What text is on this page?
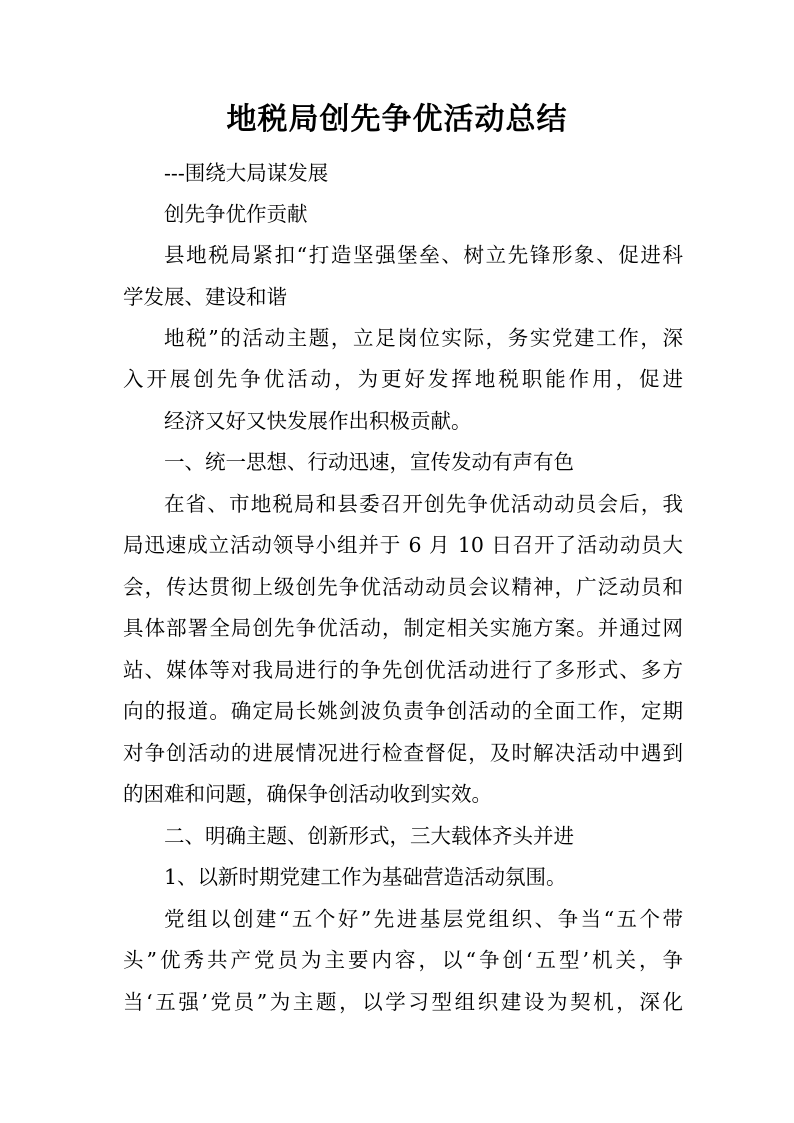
地税局创先争优活动总结
---围绕大局谋发展
创先争优作贡献
县地税局紧扣“打造坚强堡垒、树立先锋形象、促进科
学发展、建设和谐
地税”的活动主题，立足岗位实际，务实党建工作，深
入开展创先争优活动，为更好发挥地税职能作用，促进
经济又好又快发展作出积极贡献。
一、统一思想、行动迅速，宣传发动有声有色
在省、市地税局和县委召开创先争优活动动员会后，我
局迅速成立活动领导小组并于 6 月 10 日召开了活动动员大
会，传达贯彻上级创先争优活动动员会议精神，广泛动员和
具体部署全局创先争优活动，制定相关实施方案。并通过网
站、媒体等对我局进行的争先创优活动进行了多形式、多方
向的报道。确定局长姚剑波负责争创活动的全面工作，定期
对争创活动的进展情况进行检查督促，及时解决活动中遇到
的困难和问题，确保争创活动收到实效。
二、明确主题、创新形式，三大载体齐头并进
1、以新时期党建工作为基础营造活动氛围。
党组以创建“五个好”先进基层党组织、争当“五个带
头”优秀共产党员为主要内容，以“争创‘五型’机关，争
当‘五强’党员”为主题，以学习型组织建设为契机，深化
